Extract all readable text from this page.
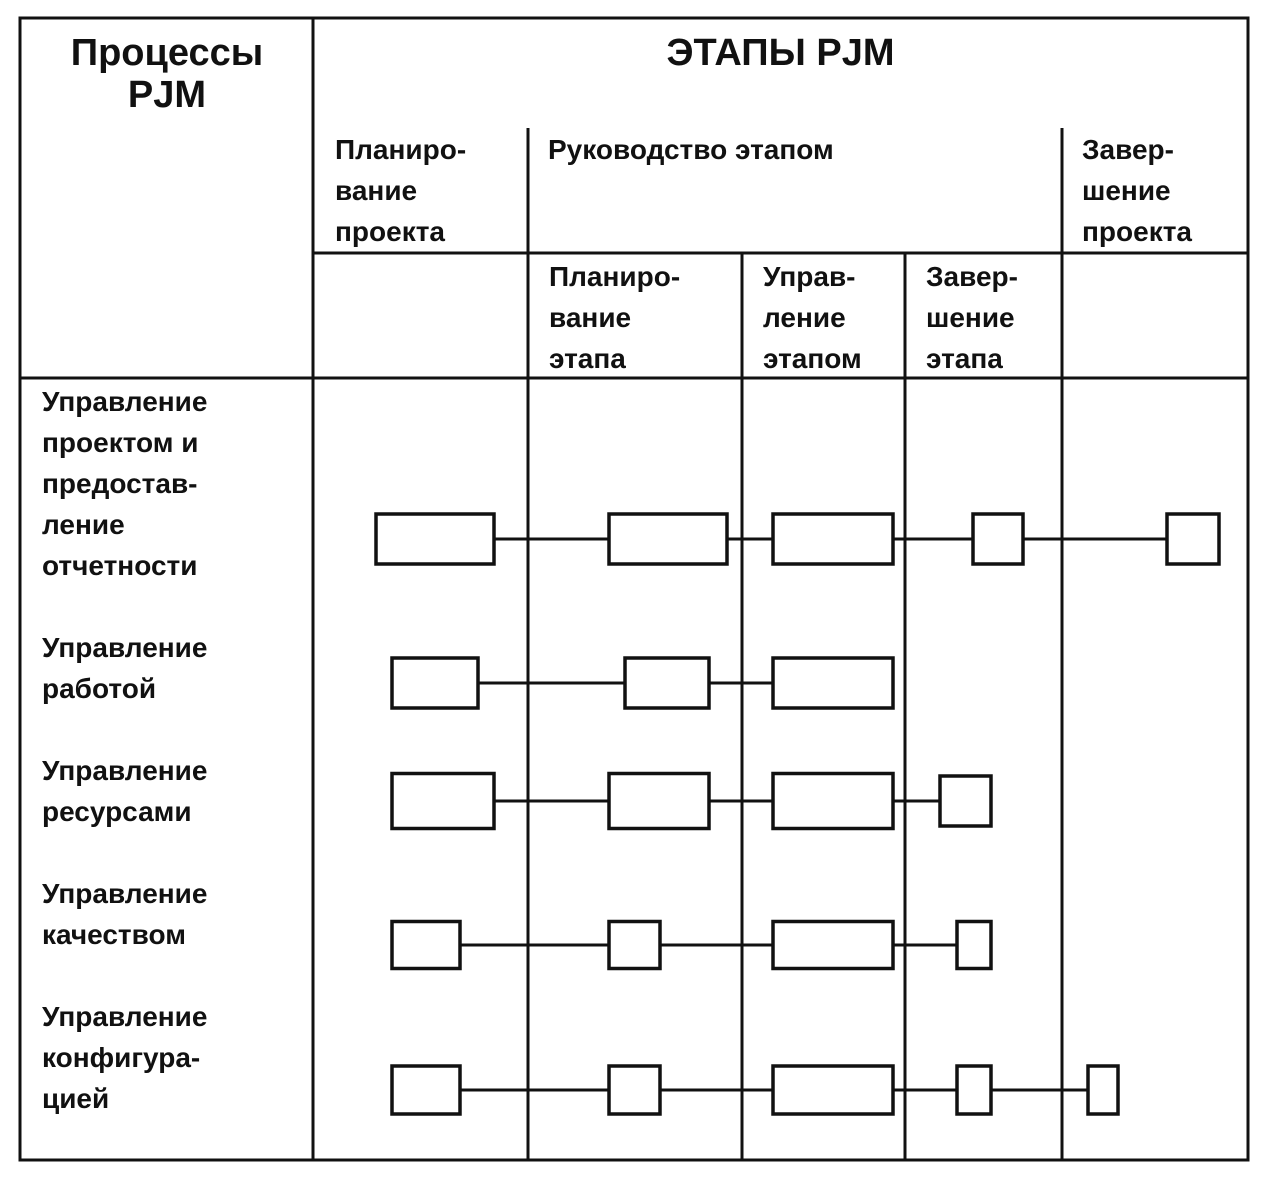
Процессы
PJM

ЭТАПЫ PJM

Планиро-
вание
проекта

Руководство этапом	Завер-
шение
проекта

Планиро-
вание
этапа

Управ-
ление
этапом

Завер-
шение
этапа

Управление
проектом и
предостав-
ление
отчетности

Управление
работой

Управление
ресурсами

Управление
качеством

Управление
конфигура-
цией
